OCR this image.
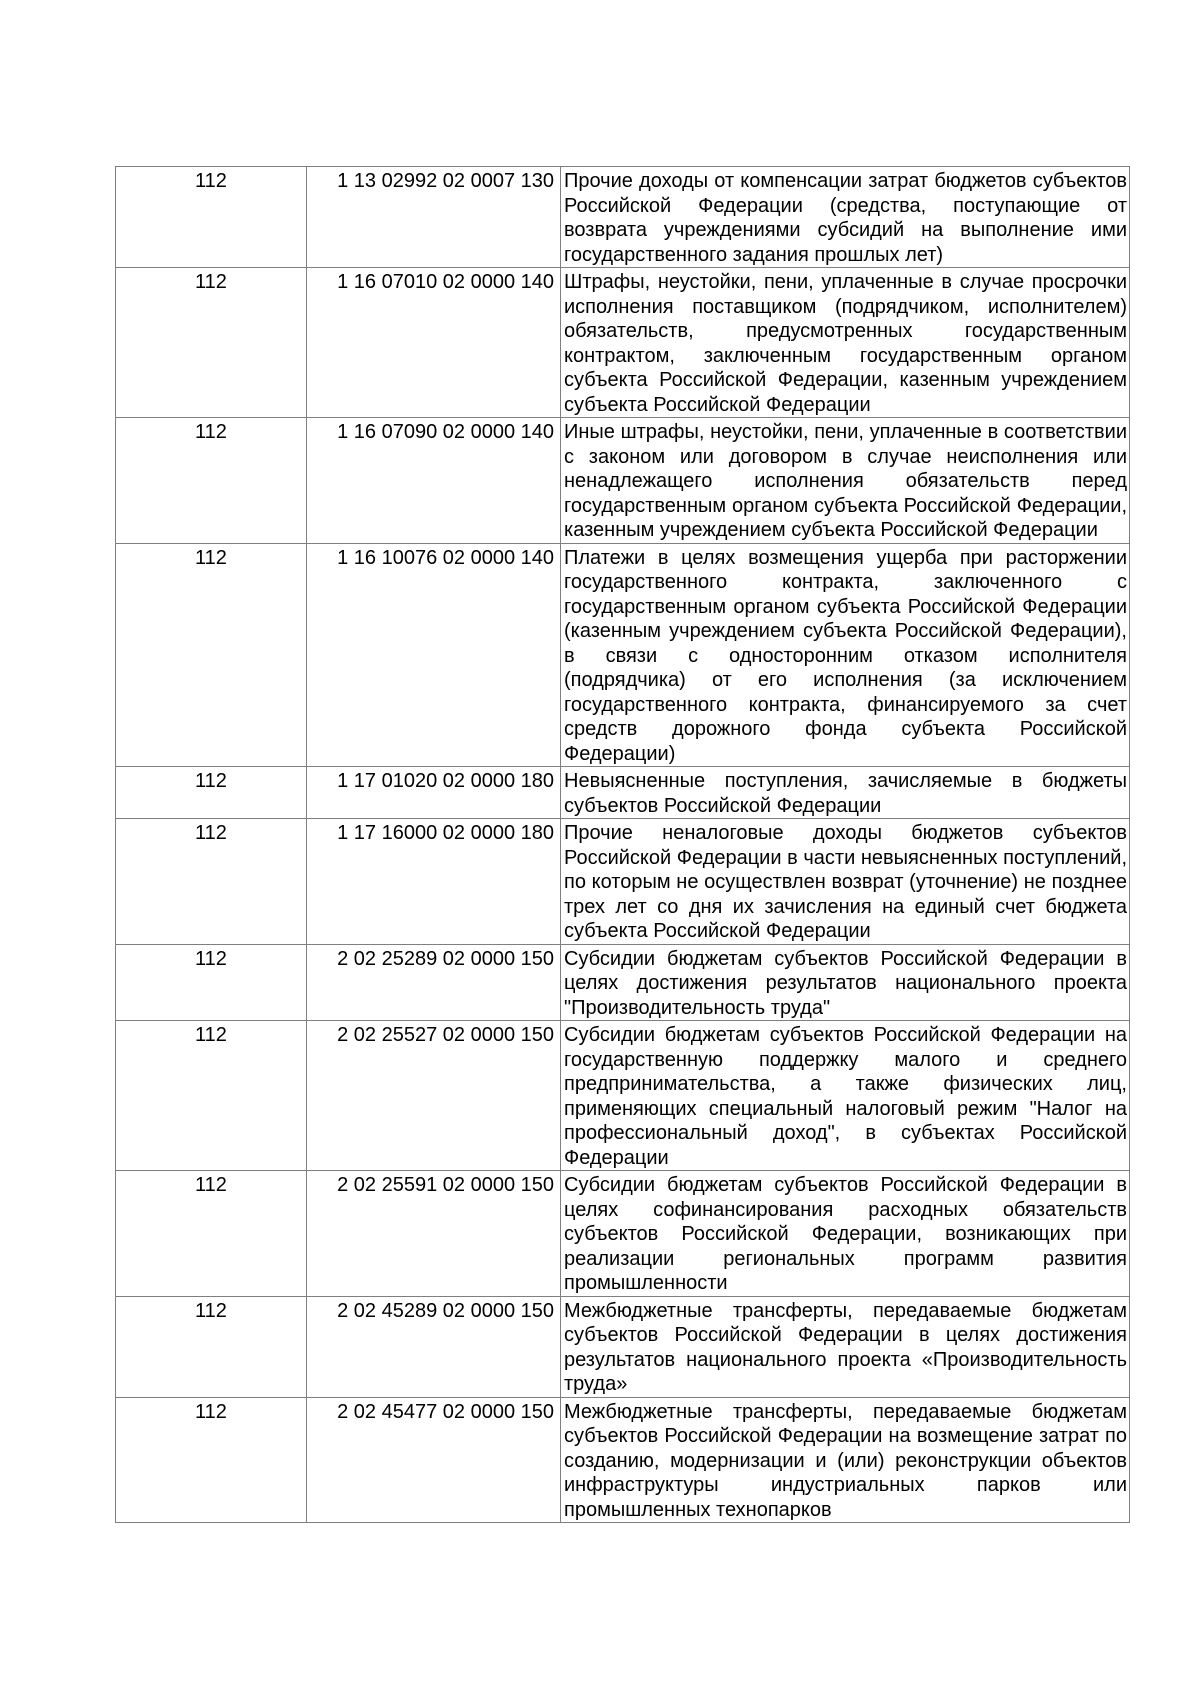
112	1 13 02992 02 0007 130	Прочие доходы от компенсации затрат бюджетов субъектов Российской Федерации (средства, поступающие от возврата учреждениями субсидий на выполнение ими государственного задания прошлых лет)
112	1 16 07010 02 0000 140	Штрафы, неустойки, пени, уплаченные в случае просрочки исполнения поставщиком (подрядчиком, исполнителем) обязательств, предусмотренных государственным контрактом, заключенным государственным органом субъекта Российской Федерации, казенным учреждением субъекта Российской Федерации
112	1 16 07090 02 0000 140	Иные штрафы, неустойки, пени, уплаченные в соответствии с законом или договором в случае неисполнения или ненадлежащего исполнения обязательств перед государственным органом субъекта Российской Федерации, казенным учреждением субъекта Российской Федерации
112	1 16 10076 02 0000 140	Платежи в целях возмещения ущерба при расторжении государственного контракта, заключенного с государственным органом субъекта Российской Федерации (казенным учреждением субъекта Российской Федерации), в связи с односторонним отказом исполнителя (подрядчика) от его исполнения (за исключением государственного контракта, финансируемого за счет средств дорожного фонда субъекта Российской Федерации)
112	1 17 01020 02 0000 180	Невыясненные поступления, зачисляемые в бюджеты субъектов Российской Федерации
112	1 17 16000 02 0000 180	Прочие неналоговые доходы бюджетов субъектов Российской Федерации в части невыясненных поступлений, по которым не осуществлен возврат (уточнение) не позднее трех лет со дня их зачисления на единый счет бюджета субъекта Российской Федерации
112	2 02 25289 02 0000 150	Субсидии бюджетам субъектов Российской Федерации в целях достижения результатов национального проекта "Производительность труда"
112	2 02 25527 02 0000 150	Субсидии бюджетам субъектов Российской Федерации на государственную поддержку малого и среднего предпринимательства, а также физических лиц, применяющих специальный налоговый режим "Налог на профессиональный доход", в субъектах Российской Федерации
112	2 02 25591 02 0000 150	Субсидии бюджетам субъектов Российской Федерации в целях софинансирования расходных обязательств субъектов Российской Федерации, возникающих при реализации региональных программ развития промышленности
112	2 02 45289 02 0000 150	Межбюджетные трансферты, передаваемые бюджетам субъектов Российской Федерации в целях достижения результатов национального проекта «Производительность труда»
112	2 02 45477 02 0000 150	Межбюджетные трансферты, передаваемые бюджетам субъектов Российской Федерации на возмещение затрат по созданию, модернизации и (или) реконструкции объектов инфраструктуры индустриальных парков или промышленных технопарков
